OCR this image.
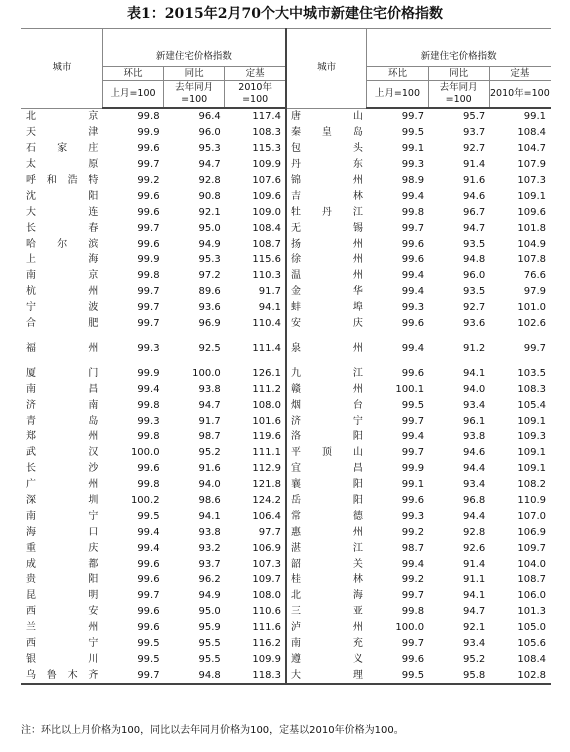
表1：2015年2月70个大中城市新建住宅价格指数
城市	新建住宅价格指数			城市	新建住宅价格指数		
	环比	同比	定基		环比	同比	定基
	上月=100	去年同月=100	2010年=100		上月=100	去年同月=100	2010年=100
北京	99.8	96.4	117.4	唐山	99.7	95.7	99.1
天津	99.9	96.0	108.3	秦皇岛	99.5	93.7	108.4
石家庄	99.6	95.3	115.3	包头	99.1	92.7	104.7
太原	99.7	94.7	109.9	丹东	99.3	91.4	107.9
呼和浩特	99.2	92.8	107.6	锦州	98.9	91.6	107.3
沈阳	99.6	90.8	109.6	吉林	99.4	94.6	109.1
大连	99.6	92.1	109.0	牡丹江	99.8	96.7	109.6
长春	99.7	95.0	108.4	无锡	99.7	94.7	101.8
哈尔滨	99.6	94.9	108.7	扬州	99.6	93.5	104.9
上海	99.9	95.3	115.6	徐州	99.6	94.8	107.8
南京	99.8	97.2	110.3	温州	99.4	96.0	76.6
杭州	99.7	89.6	91.7	金华	99.4	93.5	97.9
宁波	99.7	93.6	94.1	蚌埠	99.3	92.7	101.0
合肥	99.7	96.9	110.4	安庆	99.6	93.6	102.6
福州	99.3	92.5	111.4	泉州	99.4	91.2	99.7
厦门	99.9	100.0	126.1	九江	99.6	94.1	103.5
南昌	99.4	93.8	111.2	赣州	100.1	94.0	108.3
济南	99.8	94.7	108.0	烟台	99.5	93.4	105.4
青岛	99.3	91.7	101.6	济宁	99.7	96.1	109.1
郑州	99.8	98.7	119.6	洛阳	99.4	93.8	109.3
武汉	100.0	95.2	111.1	平顶山	99.7	94.6	109.1
长沙	99.6	91.6	112.9	宜昌	99.9	94.4	109.1
广州	99.8	94.0	121.8	襄阳	99.1	93.4	108.2
深圳	100.2	98.6	124.2	岳阳	99.6	96.8	110.9
南宁	99.5	94.1	106.4	常德	99.3	94.4	107.0
海口	99.4	93.8	97.7	惠州	99.2	92.8	106.9
重庆	99.4	93.2	106.9	湛江	98.7	92.6	109.7
成都	99.6	93.7	107.3	韶关	99.4	91.4	104.0
贵阳	99.6	96.2	109.7	桂林	99.2	91.1	108.7
昆明	99.7	94.9	108.0	北海	99.7	94.1	106.0
西安	99.6	95.0	110.6	三亚	99.8	94.7	101.3
兰州	99.6	95.9	111.6	泸州	100.0	92.1	105.0
西宁	99.5	95.5	116.2	南充	99.7	93.4	105.6
银川	99.5	95.5	109.9	遵义	99.6	95.2	108.4
乌鲁木齐	99.7	94.8	118.3	大理	99.5	95.8	102.8
注：环比以上月价格为100，同比以去年同月价格为100，定基以2010年价格为100。
